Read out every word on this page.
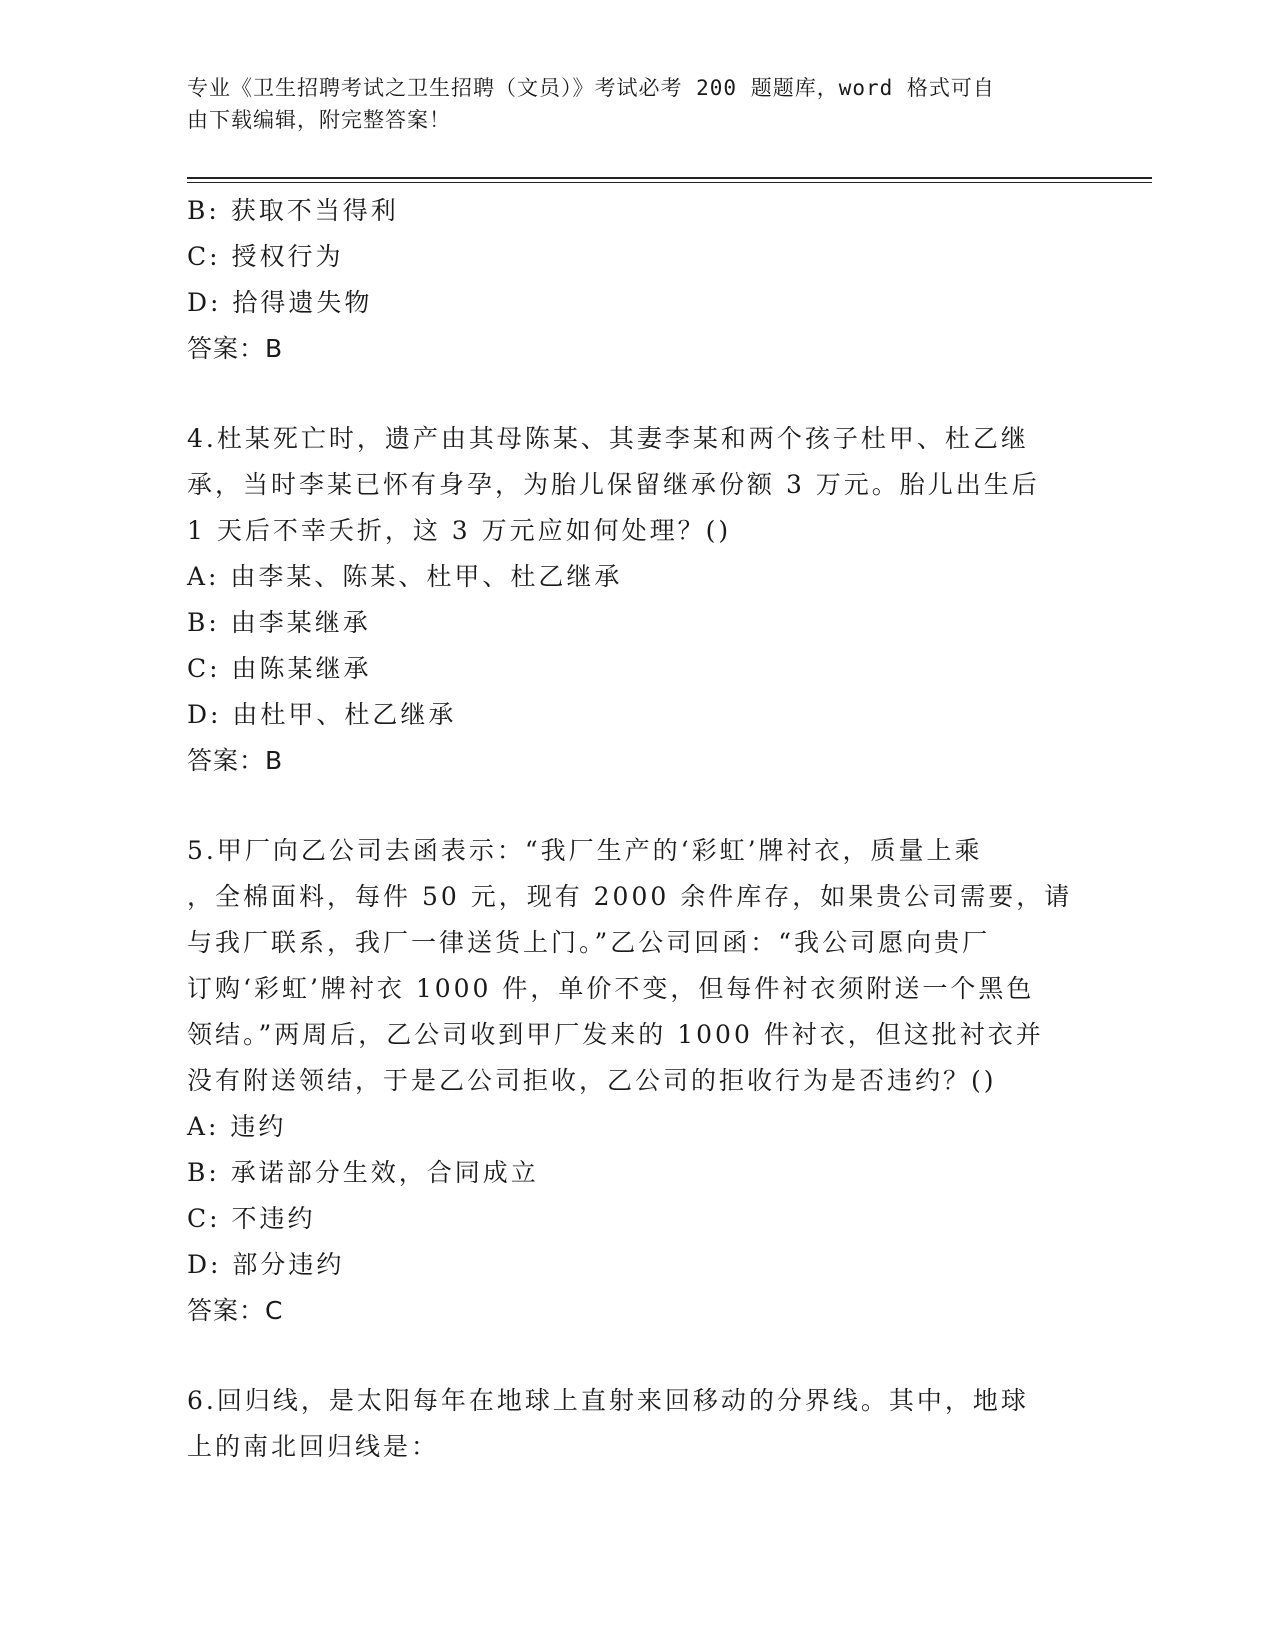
专业《卫生招聘考试之卫生招聘（文员）》考试必考 200 题题库，word 格式可自
由下载编辑，附完整答案！
B: 获取不当得利
C: 授权行为
D: 拾得遗失物
答案：B
4.杜某死亡时，遗产由其母陈某、其妻李某和两个孩子杜甲、杜乙继
承，当时李某已怀有身孕，为胎儿保留继承份额 3 万元。胎儿出生后
1 天后不幸夭折，这 3 万元应如何处理？()
A: 由李某、陈某、杜甲、杜乙继承
B: 由李某继承
C: 由陈某继承
D: 由杜甲、杜乙继承
答案：B
5.甲厂向乙公司去函表示：“我厂生产的‘彩虹’牌衬衣，质量上乘
，全棉面料，每件 50 元，现有 2000 余件库存，如果贵公司需要，请
与我厂联系，我厂一律送货上门。”乙公司回函：“我公司愿向贵厂
订购‘彩虹’牌衬衣 1000 件，单价不变，但每件衬衣须附送一个黑色
领结。”两周后，乙公司收到甲厂发来的 1000 件衬衣，但这批衬衣并
没有附送领结，于是乙公司拒收，乙公司的拒收行为是否违约？()
A: 违约
B: 承诺部分生效，合同成立
C: 不违约
D: 部分违约
答案：C
6.回归线，是太阳每年在地球上直射来回移动的分界线。其中，地球
上的南北回归线是：
